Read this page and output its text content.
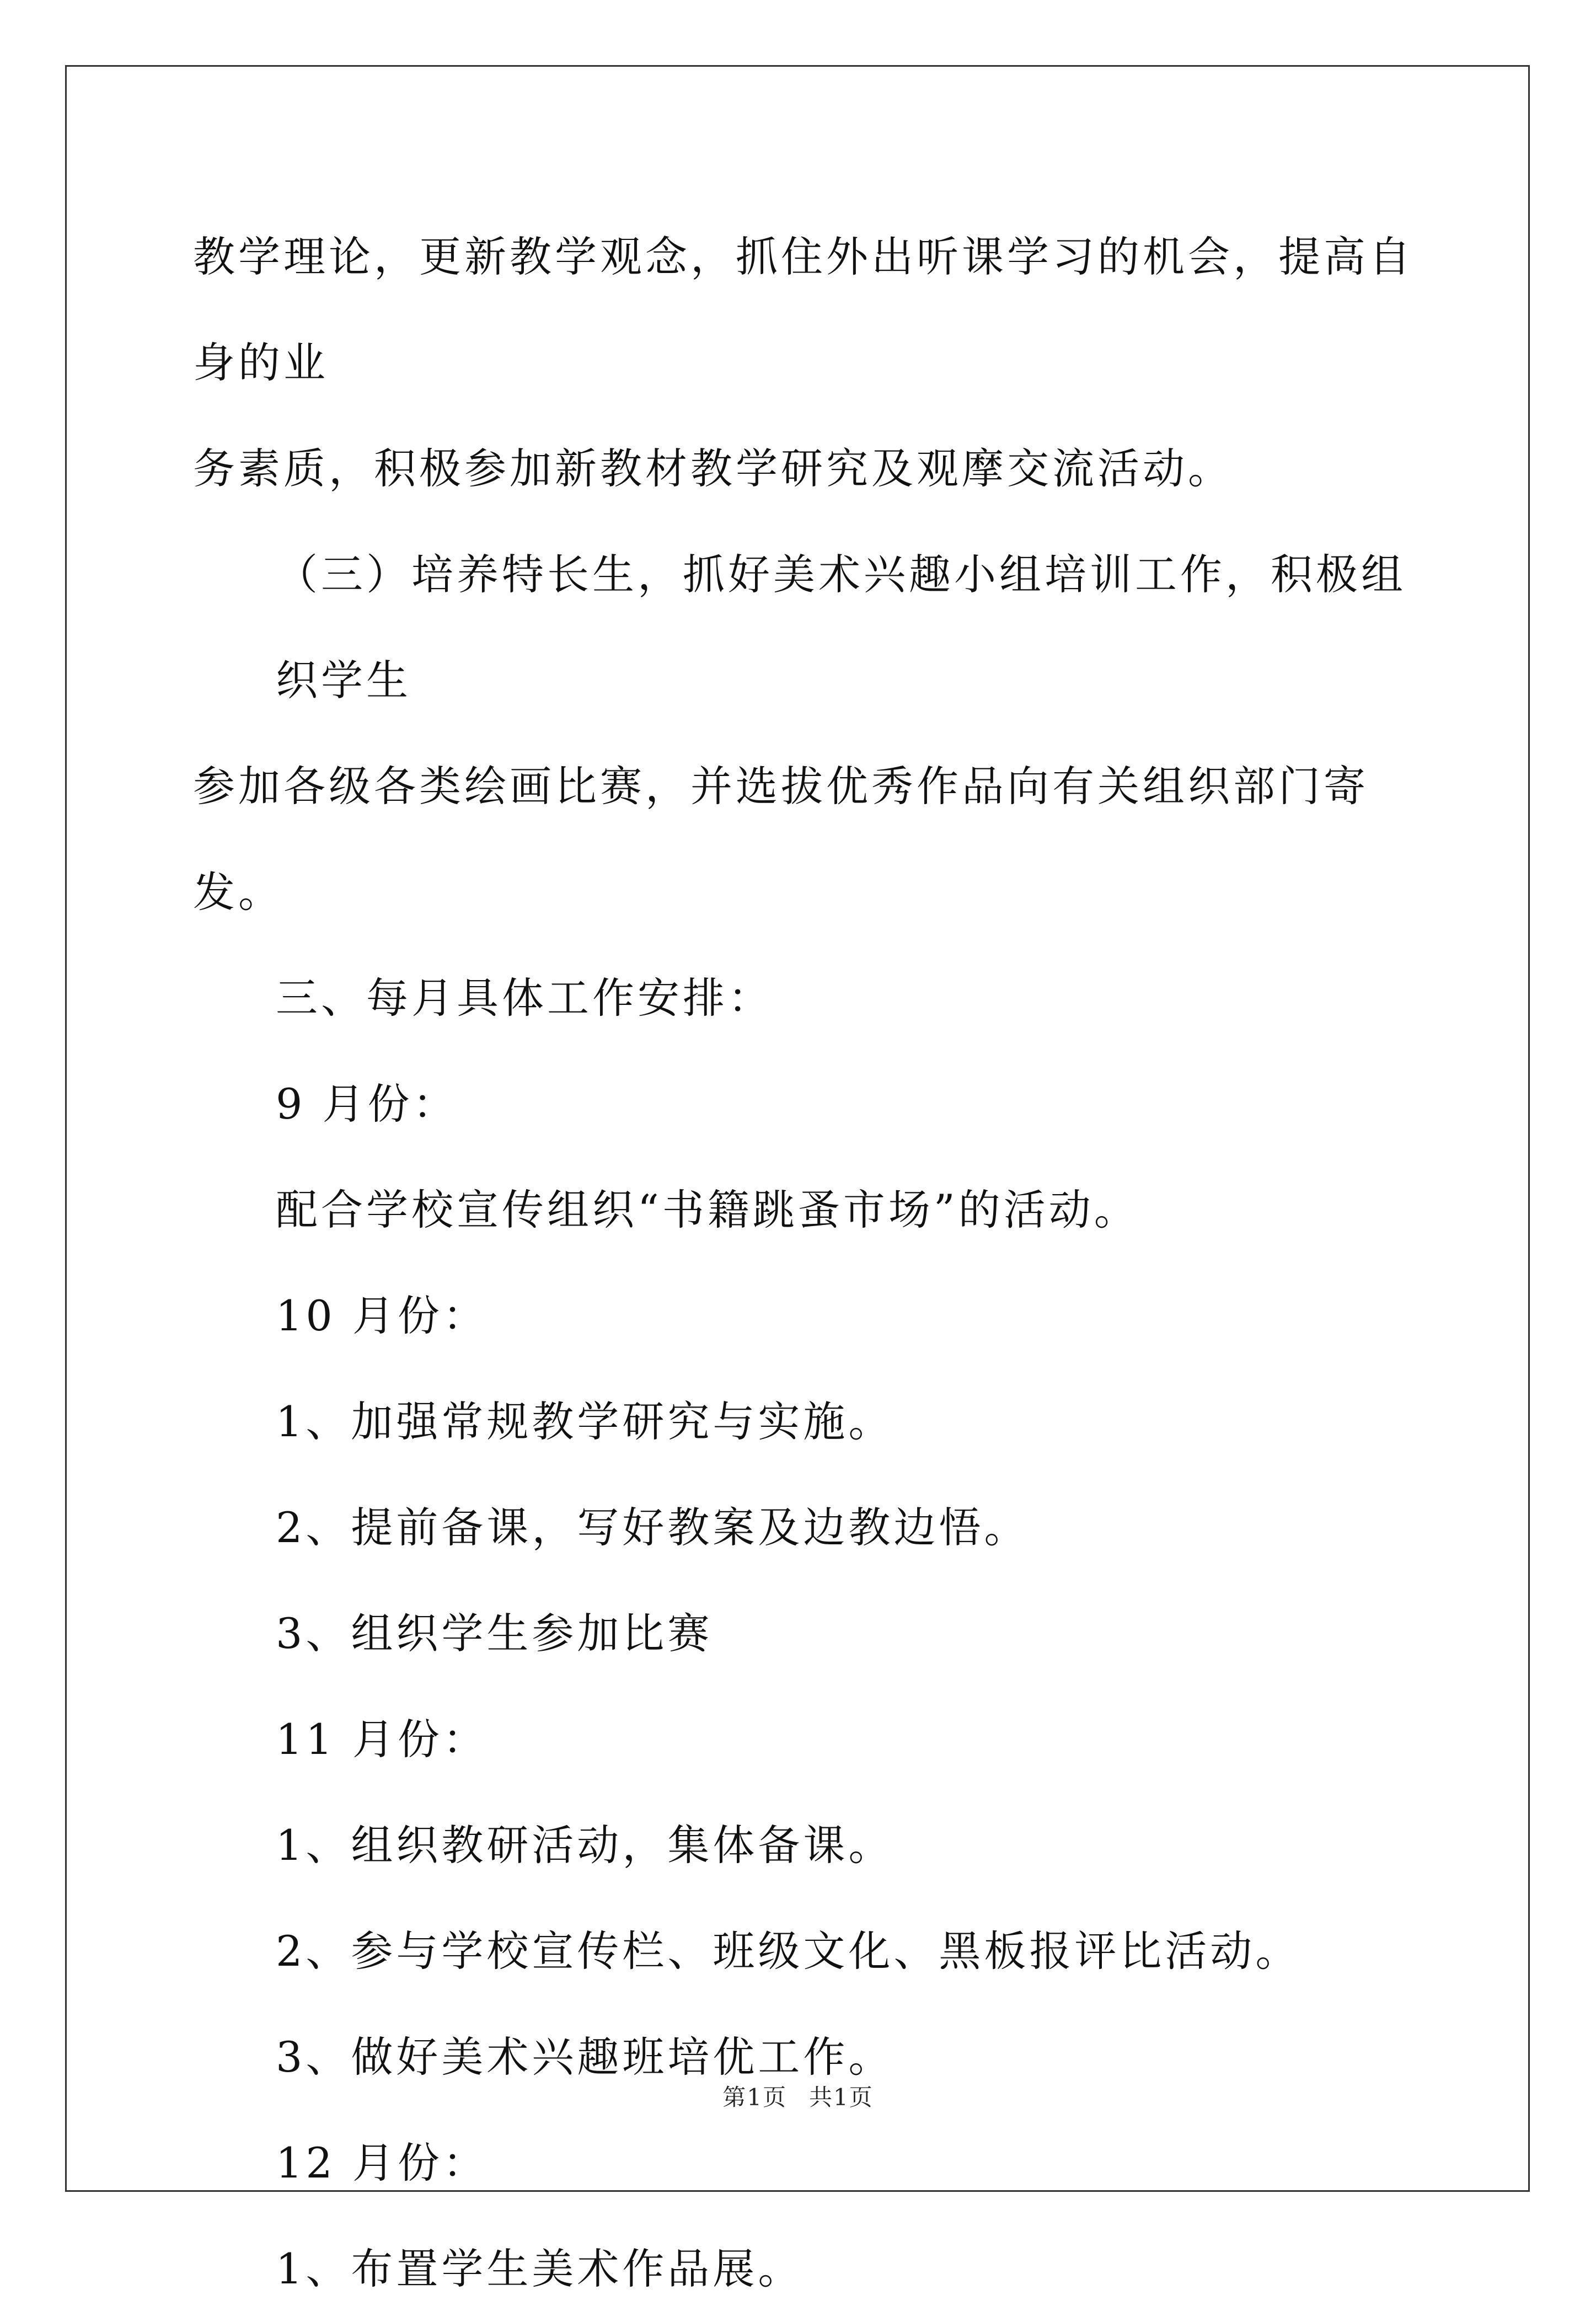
教学理论，更新教学观念，抓住外出听课学习的机会，提高自身的业

务素质，积极参加新教材教学研究及观摩交流活动。

（三）培养特长生，抓好美术兴趣小组培训工作，积极组织学生

参加各级各类绘画比赛，并选拔优秀作品向有关组织部门寄发。

三、每月具体工作安排：

9 月份：

配合学校宣传组织“书籍跳蚤市场”的活动。

10 月份：

1、加强常规教学研究与实施。

2、提前备课，写好教案及边教边悟。

3、组织学生参加比赛

11 月份：

1、组织教研活动，集体备课。

2、参与学校宣传栏、班级文化、黑板报评比活动。

3、做好美术兴趣班培优工作。

12 月份：

1、布置学生美术作品展。

第1页 共1页
